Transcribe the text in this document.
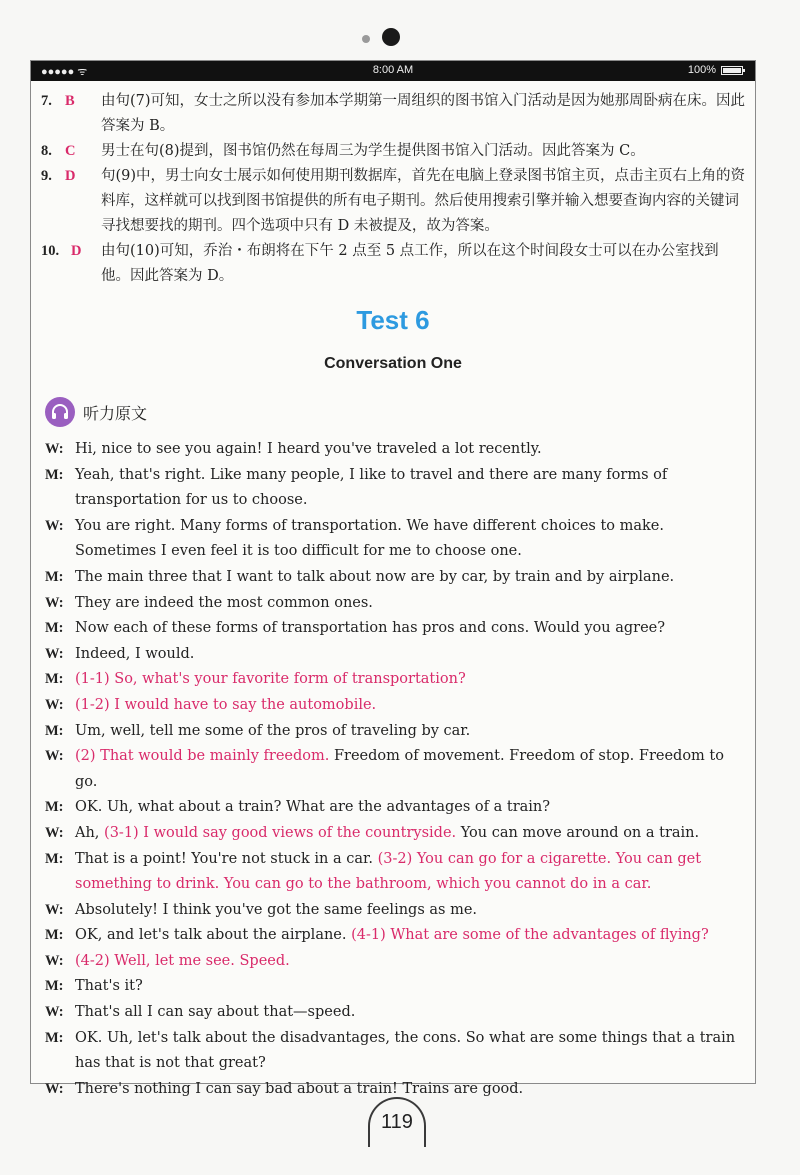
●●●●● ᯤ	8:00 AM	100%
7. B 由句(7)可知，女士之所以没有参加本学期第一周组织的图书馆入门活动是因为她那周卧病在床。因此答案为 B。
8. C 男士在句(8)提到，图书馆仍然在每周三为学生提供图书馆入门活动。因此答案为 C。
9. D 句(9)中，男士向女士展示如何使用期刊数据库，首先在电脑上登录图书馆主页，点击主页右上角的资料库，这样就可以找到图书馆提供的所有电子期刊。然后使用搜索引擎并输入想要查询内容的关键词寻找想要找的期刊。四个选项中只有 D 未被提及，故为答案。
10. D 由句(10)可知，乔治・布朗将在下午 2 点至 5 点工作，所以在这个时间段女士可以在办公室找到他。因此答案为 D。
Test 6
Conversation One
听力原文
W: Hi, nice to see you again! I heard you've traveled a lot recently.
M: Yeah, that's right. Like many people, I like to travel and there are many forms of transportation for us to choose.
W: You are right. Many forms of transportation. We have different choices to make. Sometimes I even feel it is too difficult for me to choose one.
M: The main three that I want to talk about now are by car, by train and by airplane.
W: They are indeed the most common ones.
M: Now each of these forms of transportation has pros and cons. Would you agree?
W: Indeed, I would.
M: (1-1) So, what's your favorite form of transportation?
W: (1-2) I would have to say the automobile.
M: Um, well, tell me some of the pros of traveling by car.
W: (2) That would be mainly freedom. Freedom of movement. Freedom of stop. Freedom to go.
M: OK. Uh, what about a train? What are the advantages of a train?
W: Ah, (3-1) I would say good views of the countryside. You can move around on a train.
M: That is a point! You're not stuck in a car. (3-2) You can go for a cigarette. You can get something to drink. You can go to the bathroom, which you cannot do in a car.
W: Absolutely! I think you've got the same feelings as me.
M: OK, and let's talk about the airplane. (4-1) What are some of the advantages of flying?
W: (4-2) Well, let me see. Speed.
M: That's it?
W: That's all I can say about that—speed.
M: OK. Uh, let's talk about the disadvantages, the cons. So what are some things that a train has that is not that great?
W: There's nothing I can say bad about a train! Trains are good.
119
